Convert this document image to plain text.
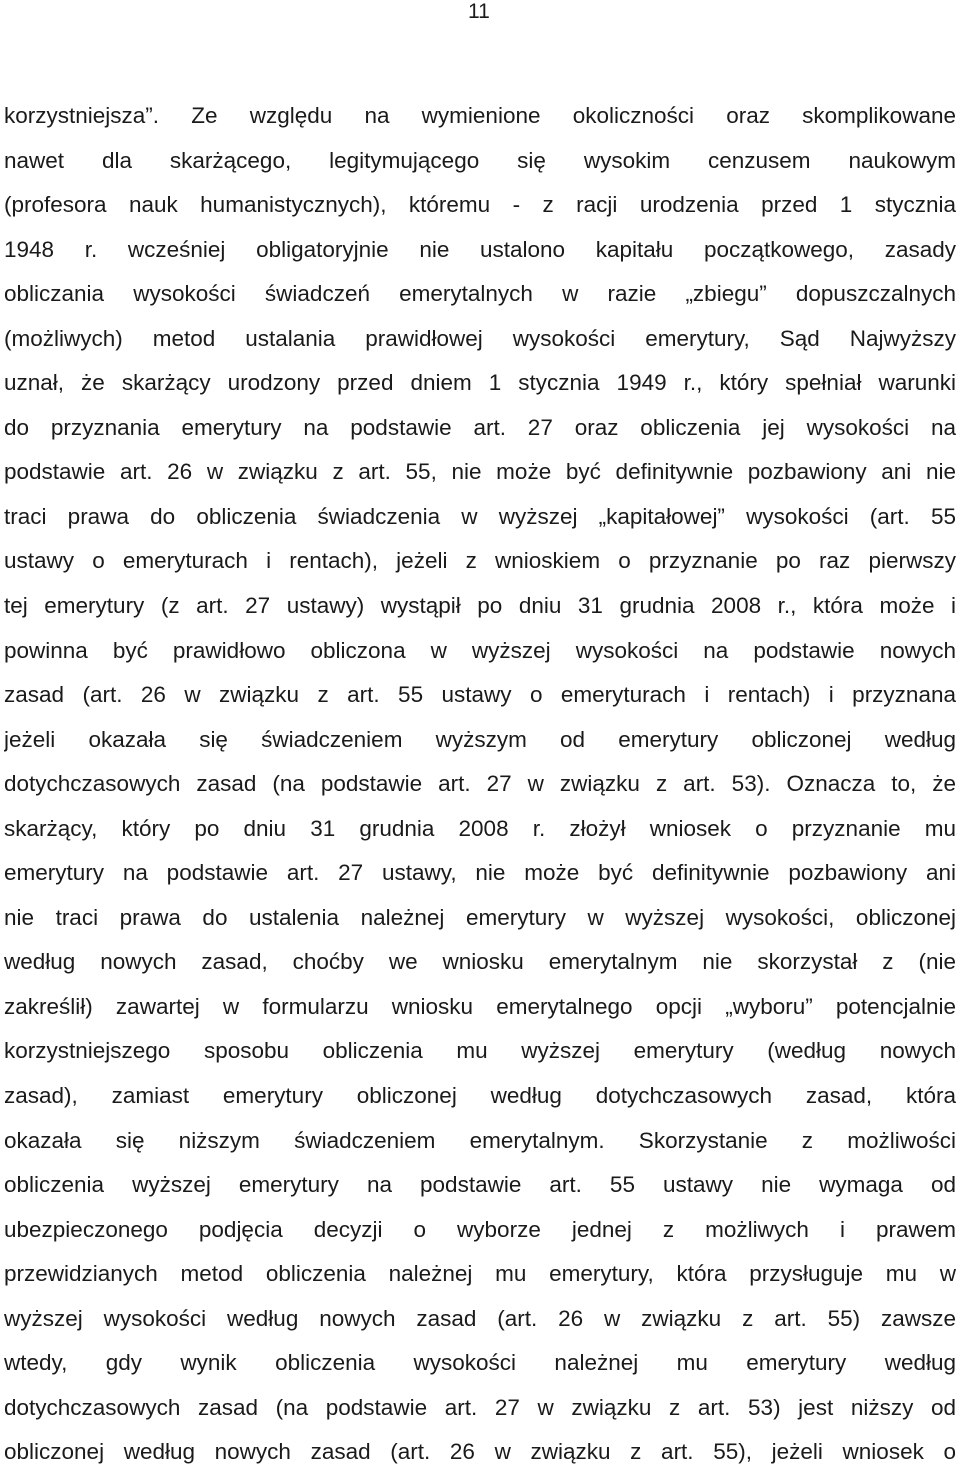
11
korzystniejsza”. Ze względu na wymienione okoliczności oraz skomplikowane
nawet dla skarżącego, legitymującego się wysokim cenzusem naukowym
(profesora nauk humanistycznych), któremu - z racji urodzenia przed 1 stycznia
1948 r. wcześniej obligatoryjnie nie ustalono kapitału początkowego, zasady
obliczania wysokości świadczeń emerytalnych w razie „zbiegu” dopuszczalnych
(możliwych) metod ustalania prawidłowej wysokości emerytury, Sąd Najwyższy
uznał, że skarżący urodzony przed dniem 1 stycznia 1949 r., który spełniał warunki
do przyznania emerytury na podstawie art. 27 oraz obliczenia jej wysokości na
podstawie art. 26 w związku z art. 55, nie może być definitywnie pozbawiony ani nie
traci prawa do obliczenia świadczenia w wyższej „kapitałowej” wysokości (art. 55
ustawy o emeryturach i rentach), jeżeli z wnioskiem o przyznanie po raz pierwszy
tej emerytury (z art. 27 ustawy) wystąpił po dniu 31 grudnia 2008 r., która może i
powinna być prawidłowo obliczona w wyższej wysokości na podstawie nowych
zasad (art. 26 w związku z art. 55 ustawy o emeryturach i rentach) i przyznana
jeżeli okazała się świadczeniem wyższym od emerytury obliczonej według
dotychczasowych zasad (na podstawie art. 27 w związku z art. 53). Oznacza to, że
skarżący, który po dniu 31 grudnia 2008 r. złożył wniosek o przyznanie mu
emerytury na podstawie art. 27 ustawy, nie może być definitywnie pozbawiony ani
nie traci prawa do ustalenia należnej emerytury w wyższej wysokości, obliczonej
według nowych zasad, choćby we wniosku emerytalnym nie skorzystał z (nie
zakreślił) zawartej w formularzu wniosku emerytalnego opcji „wyboru” potencjalnie
korzystniejszego sposobu obliczenia mu wyższej emerytury (według nowych
zasad), zamiast emerytury obliczonej według dotychczasowych zasad, która
okazała się niższym świadczeniem emerytalnym. Skorzystanie z możliwości
obliczenia wyższej emerytury na podstawie art. 55 ustawy nie wymaga od
ubezpieczonego podjęcia decyzji o wyborze jednej z możliwych i prawem
przewidzianych metod obliczenia należnej mu emerytury, która przysługuje mu w
wyższej wysokości według nowych zasad (art. 26 w związku z art. 55) zawsze
wtedy, gdy wynik obliczenia wysokości należnej mu emerytury według
dotychczasowych zasad (na podstawie art. 27 w związku z art. 53) jest niższy od
obliczonej według nowych zasad (art. 26 w związku z art. 55), jeżeli wniosek o
